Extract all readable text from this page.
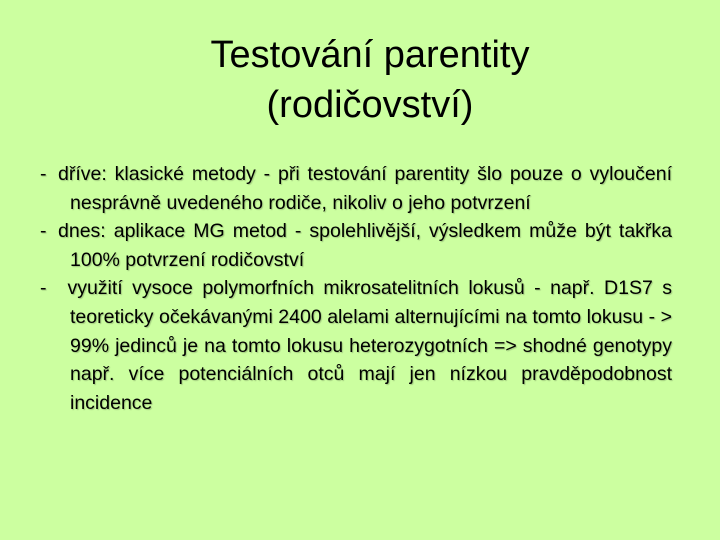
Testování parentity
(rodičovství)

- dříve: klasické metody - při testování parentity šlo pouze o vyloučení nesprávně uvedeného rodiče, nikoliv o jeho potvrzení

- dnes: aplikace MG metod - spolehlivější, výsledkem může být takřka 100% potvrzení rodičovství

- využití vysoce polymorfních mikrosatelitních lokusů - např. D1S7 s teoreticky očekávanými 2400 alelami alternujícími na tomto lokusu - > 99% jedinců je na tomto lokusu heterozygotních => shodné genotypy např. více potenciálních otců mají jen nízkou pravděpodobnost incidence
